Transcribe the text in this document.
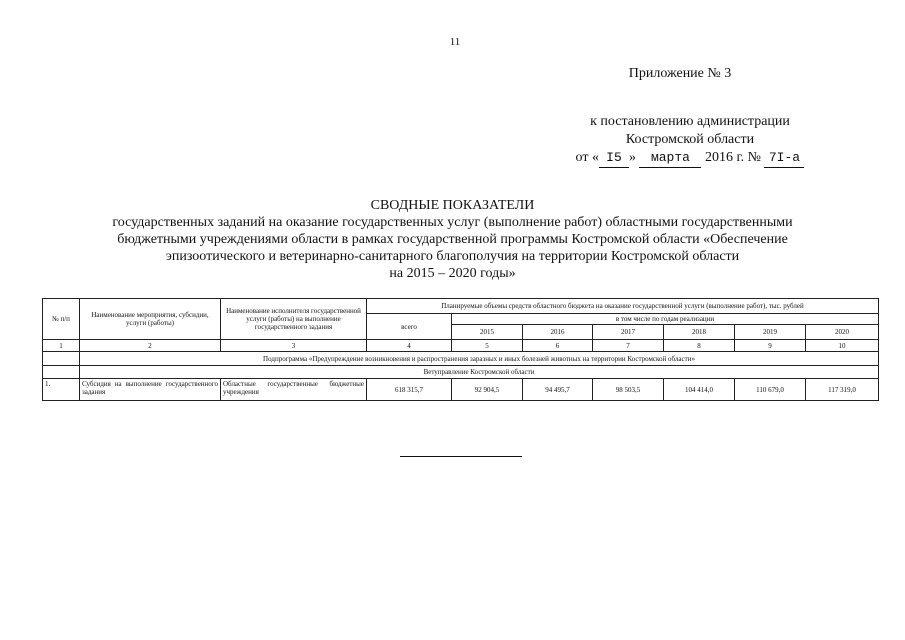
11
Приложение № 3
к постановлению администрации
Костромской области
от « I5 » марта 2016 г. № 7I-а
СВОДНЫЕ ПОКАЗАТЕЛИ
государственных заданий на оказание государственных услуг (выполнение работ) областными государственными
бюджетными учреждениями области в рамках государственной программы Костромской области «Обеспечение
эпизоотического и ветеринарно-санитарного благополучия на территории Костромской области
на 2015 – 2020 годы»
№ п/п	Наименование мероприятия, субсидии, услуги (работы)	Наименование исполнителя государственной услуги (работы) на выполнение государственного задания	Планируемые объемы средств областного бюджета на оказание государственной услуги (выполнение работ), тыс. рублей						
			всего	в том числе по годам реализации					
				2015	2016	2017	2018	2019	2020
1	2	3	4	5	6	7	8	9	10
	Подпрограмма «Предупреждение возникновения и распространения заразных и иных болезней животных на территории Костромской области»								
	Ветуправление Костромской области								
1.	Субсидия на выполнение государственного задания	Областные государственные бюджетные учреждения	618 315,7	92 904,5	94 495,7	98 503,5	104 414,0	110 679,0	117 319,0
